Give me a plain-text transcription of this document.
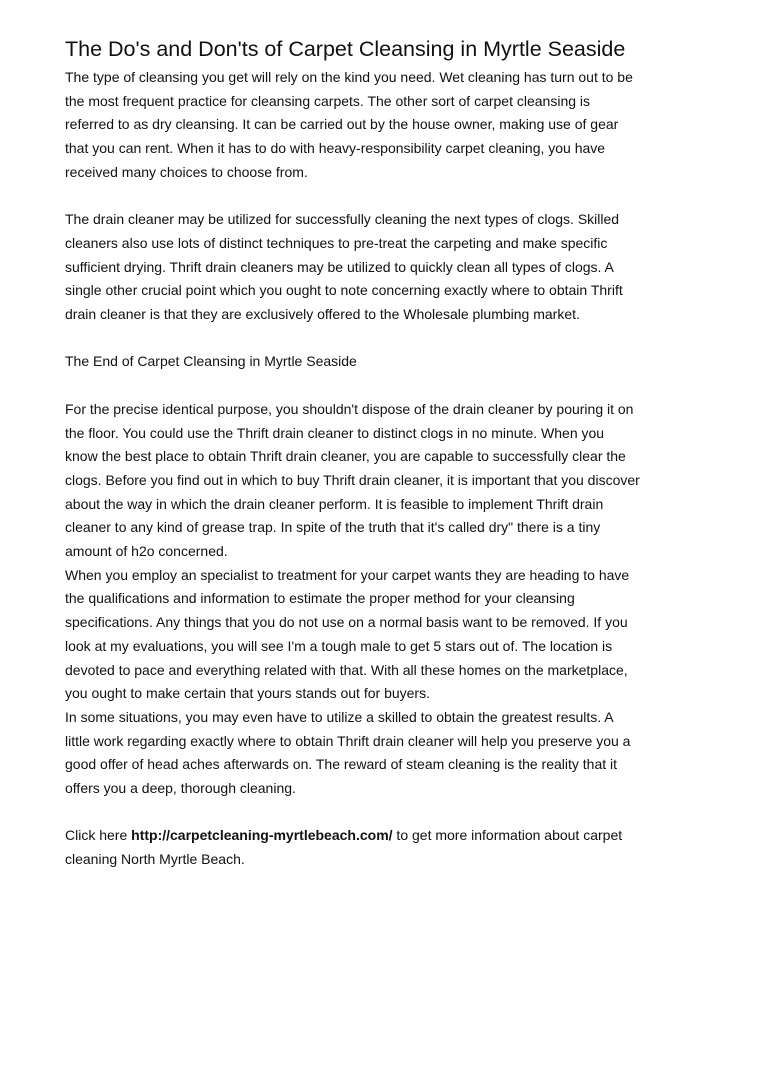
The Do's and Don'ts of Carpet Cleansing in Myrtle Seaside

The type of cleansing you get will rely on the kind you need. Wet cleaning has turn out to be
the most frequent practice for cleansing carpets. The other sort of carpet cleansing is
referred to as dry cleansing. It can be carried out by the house owner, making use of gear
that you can rent. When it has to do with heavy-responsibility carpet cleaning, you have
received many choices to choose from.

The drain cleaner may be utilized for successfully cleaning the next types of clogs. Skilled
cleaners also use lots of distinct techniques to pre-treat the carpeting and make specific
sufficient drying. Thrift drain cleaners may be utilized to quickly clean all types of clogs. A
single other crucial point which you ought to note concerning exactly where to obtain Thrift
drain cleaner is that they are exclusively offered to the Wholesale plumbing market.

The End of Carpet Cleansing in Myrtle Seaside

For the precise identical purpose, you shouldn't dispose of the drain cleaner by pouring it on
the floor. You could use the Thrift drain cleaner to distinct clogs in no minute. When you
know the best place to obtain Thrift drain cleaner, you are capable to successfully clear the
clogs. Before you find out in which to buy Thrift drain cleaner, it is important that you discover
about the way in which the drain cleaner perform. It is feasible to implement Thrift drain
cleaner to any kind of grease trap. In spite of the truth that it's called dry" there is a tiny
amount of h2o concerned.
When you employ an specialist to treatment for your carpet wants they are heading to have
the qualifications and information to estimate the proper method for your cleansing
specifications. Any things that you do not use on a normal basis want to be removed. If you
look at my evaluations, you will see I'm a tough male to get 5 stars out of. The location is
devoted to pace and everything related with that. With all these homes on the marketplace,
you ought to make certain that yours stands out for buyers.
In some situations, you may even have to utilize a skilled to obtain the greatest results. A
little work regarding exactly where to obtain Thrift drain cleaner will help you preserve you a
good offer of head aches afterwards on. The reward of steam cleaning is the reality that it
offers you a deep, thorough cleaning.

Click here http://carpetcleaning-myrtlebeach.com/ to get more information about carpet
cleaning North Myrtle Beach.
